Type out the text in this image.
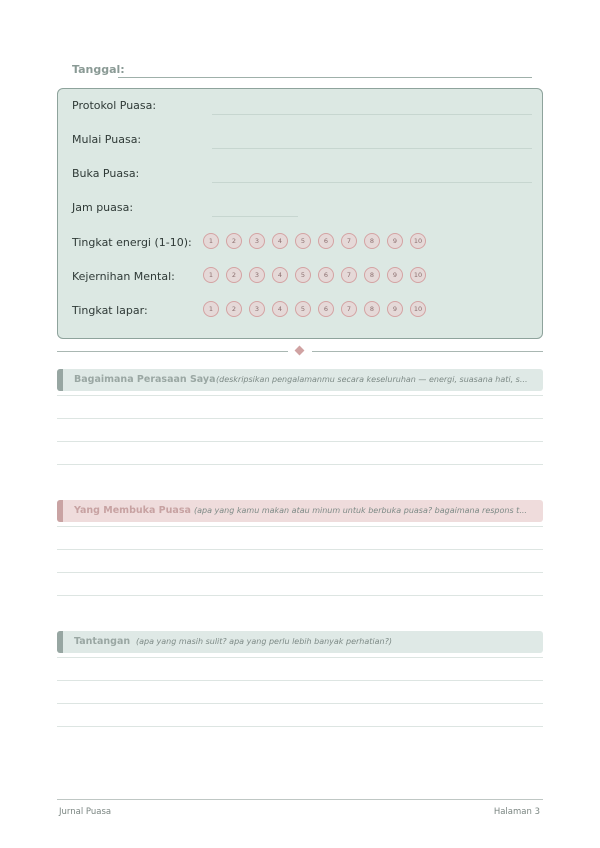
Tanggal:
Protokol Puasa:
Mulai Puasa:
Buka Puasa:
Jam puasa:
Tingkat energi (1-10):	1	2	3	4	5	6	7	8	9	10
Kejernihan Mental:	1	2	3	4	5	6	7	8	9	10
Tingkat lapar:	1	2	3	4	5	6	7	8	9	10
Bagaimana Perasaan Saya (deskripsikan pengalamanmu secara keseluruhan — energi, suasana hati, s...
Yang Membuka Puasa (apa yang kamu makan atau minum untuk berbuka puasa? bagaimana respons t...
Tantangan (apa yang masih sulit? apa yang perlu lebih banyak perhatian?)
Jurnal Puasa	Halaman 3
